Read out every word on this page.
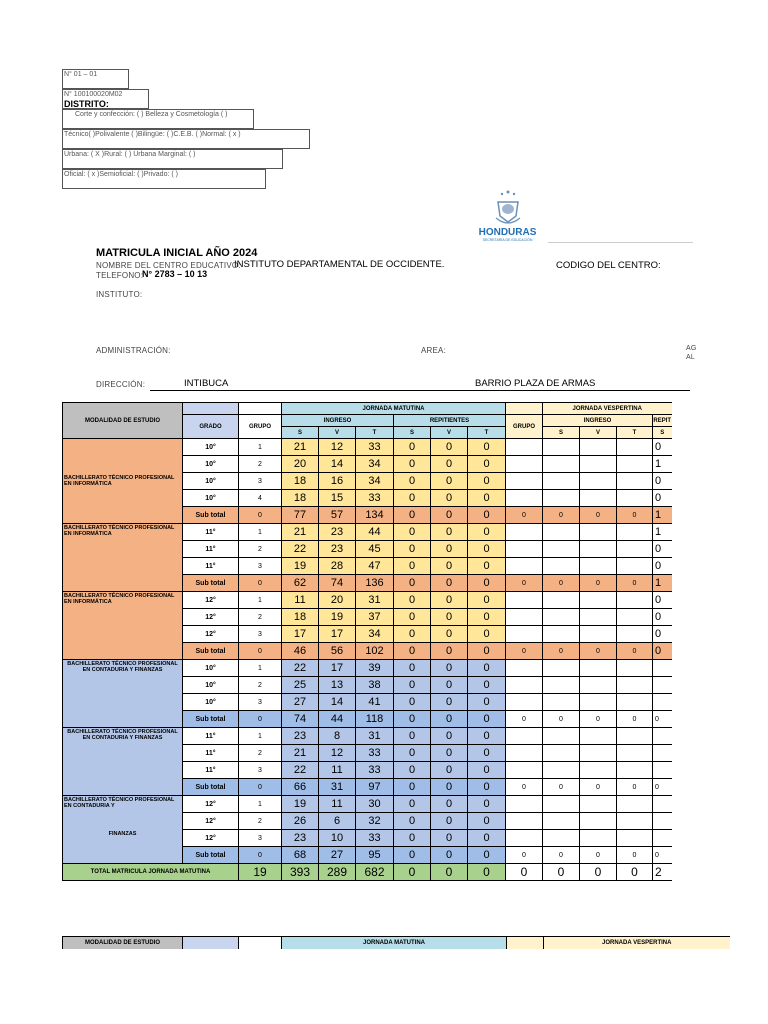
N° 01 – 01
N° 100100020M02
DISTRITO:
Corte y confección: ( ) Belleza y Cosmetología ( )
Técnico( )Polivalente ( )Bilingüe: ( )C.E.B. ( )Normal: ( x )
Urbana: ( X )Rural: ( ) Urbana Marginal: ( )
Oficial: ( x )Semioficial: ( )Privado: ( )
HONDURAS
SECRETARÍA DE EDUCACIÓN
MATRICULA INICIAL AÑO 2024
NOMBRE DEL CENTRO EDUCATIVO:
INSTITUTO DEPARTAMENTAL DE OCCIDENTE.	CODIGO DEL CENTRO:
TELEFONO:
N° 2783 – 10 13
INSTITUTO:
ADMINISTRACIÓN:	AREA:	AG
AL
DIRECCIÓN:	INTIBUCA	BARRIO PLAZA DE ARMAS
MODALIDAD DE ESTUDIO			JORNADA MATUTINA							JORNADA VESPERTINA			
	GRADO	GRUPO	INGRESO			REPITIENTES			GRUPO	INGRESO			REPIT
			S	V	T	S	V	T		S	V	T	S
BACHILLERATO TÉCNICO PROFESIONAL EN INFORMÁTICA	10°	1	21	12	33	0	0	0					0
	10°	2	20	14	34	0	0	0					1
	10°	3	18	16	34	0	0	0					0
	10°	4	18	15	33	0	0	0					0
	Sub total	0	77	57	134	0	0	0	0	0	0	0	1
BACHILLERATO TÉCNICO PROFESIONAL EN INFORMÁTICA	11°	1	21	23	44	0	0	0					1
	11°	2	22	23	45	0	0	0					0
	11°	3	19	28	47	0	0	0					0
	Sub total	0	62	74	136	0	0	0	0	0	0	0	1
BACHILLERATO TÉCNICO PROFESIONAL EN INFORMÁTICA	12°	1	11	20	31	0	0	0					0
	12°	2	18	19	37	0	0	0					0
	12°	3	17	17	34	0	0	0					0
	Sub total	0	46	56	102	0	0	0	0	0	0	0	0
BACHILLERATO TÉCNICO PROFESIONAL EN CONTADURIA Y FINANZAS	10°	1	22	17	39	0	0	0					
	10°	2	25	13	38	0	0	0					
	10°	3	27	14	41	0	0	0					
	Sub total	0	74	44	118	0	0	0	0	0	0	0	0
BACHILLERATO TÉCNICO PROFESIONAL EN CONTADURIA Y FINANZAS	11°	1	23	8	31	0	0	0					
	11°	2	21	12	33	0	0	0					
	11°	3	22	11	33	0	0	0					
	Sub total	0	66	31	97	0	0	0	0	0	0	0	0

BACHILLERATO TÉCNICO PROFESIONAL EN CONTADURIA Y
FINANZAS	12°	1	19	11	30	0	0	0					
	12°	2	26	6	32	0	0	0					
	12°	3	23	10	33	0	0	0					
	Sub total	0	68	27	95	0	0	0	0	0	0	0	0
TOTAL MATRICULA JORNADA MATUTINA		19	393	289	682	0	0	0	0	0	0	0	2
MODALIDAD DE ESTUDIO			JORNADA MATUTINA		JORNADA VESPERTINA
